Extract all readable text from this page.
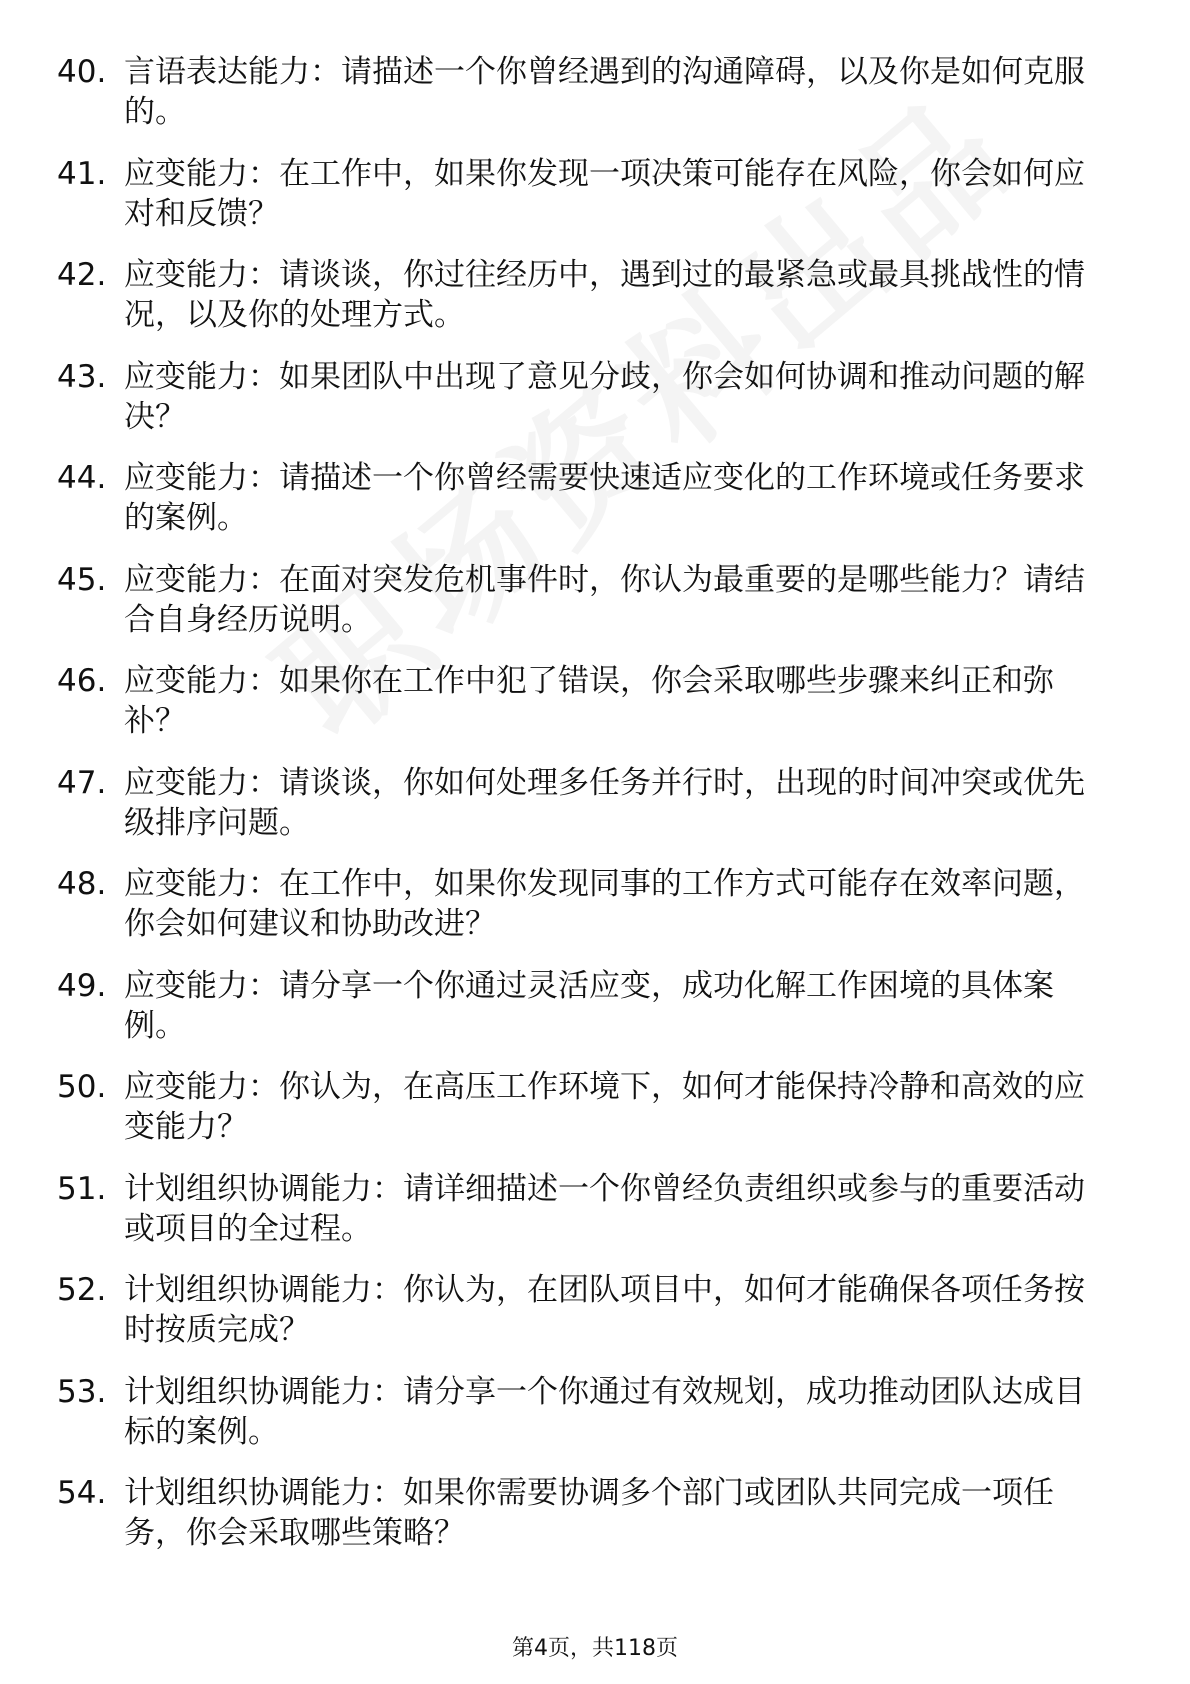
40. 言语表达能力：请描述一个你曾经遇到的沟通障碍，以及你是如何克服的。
41. 应变能力：在工作中，如果你发现一项决策可能存在风险，你会如何应对和反馈？
42. 应变能力：请谈谈，你过往经历中，遇到过的最紧急或最具挑战性的情况，以及你的处理方式。
43. 应变能力：如果团队中出现了意见分歧，你会如何协调和推动问题的解决？
44. 应变能力：请描述一个你曾经需要快速适应变化的工作环境或任务要求的案例。
45. 应变能力：在面对突发危机事件时，你认为最重要的是哪些能力？请结合自身经历说明。
46. 应变能力：如果你在工作中犯了错误，你会采取哪些步骤来纠正和弥补？
47. 应变能力：请谈谈，你如何处理多任务并行时，出现的时间冲突或优先级排序问题。
48. 应变能力：在工作中，如果你发现同事的工作方式可能存在效率问题，你会如何建议和协助改进？
49. 应变能力：请分享一个你通过灵活应变，成功化解工作困境的具体案例。
50. 应变能力：你认为，在高压工作环境下，如何才能保持冷静和高效的应变能力？
51. 计划组织协调能力：请详细描述一个你曾经负责组织或参与的重要活动或项目的全过程。
52. 计划组织协调能力：你认为，在团队项目中，如何才能确保各项任务按时按质完成？
53. 计划组织协调能力：请分享一个你通过有效规划，成功推动团队达成目标的案例。
54. 计划组织协调能力：如果你需要协调多个部门或团队共同完成一项任务，你会采取哪些策略？
第4页，共118页
